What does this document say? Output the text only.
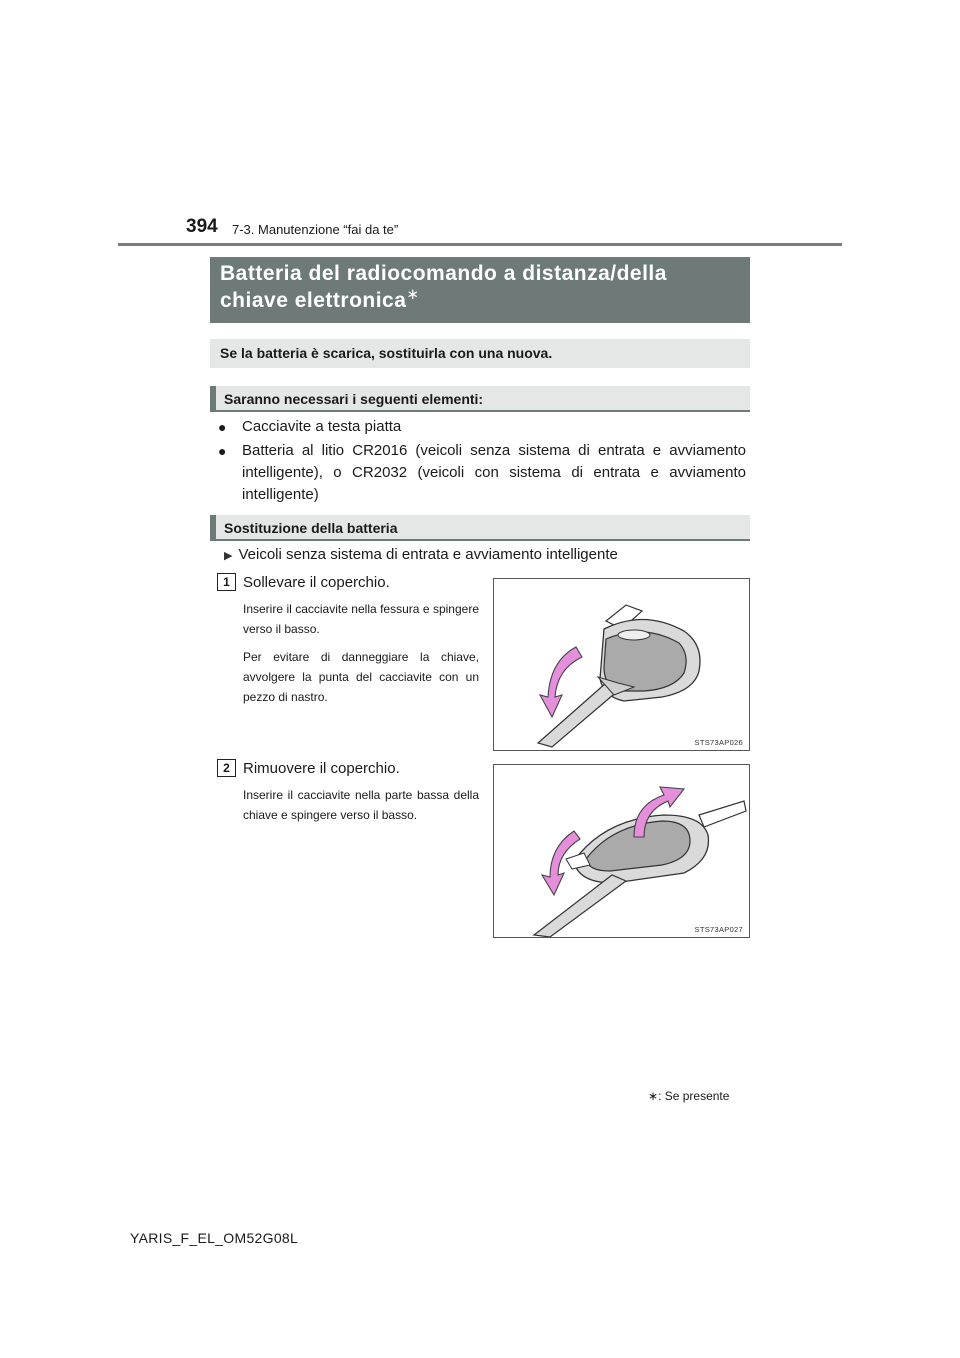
394 7-3. Manutenzione “fai da te”
Batteria del radiocomando a distanza/della chiave elettronica∗
Se la batteria è scarica, sostituirla con una nuova.
Saranno necessari i seguenti elementi:
● Cacciavite a testa piatta
● Batteria al litio CR2016 (veicoli senza sistema di entrata e avviamento intelligente), o CR2032 (veicoli con sistema di entrata e avviamento intelligente)
Sostituzione della batteria
▶ Veicoli senza sistema di entrata e avviamento intelligente
1 Sollevare il coperchio.

Inserire il cacciavite nella fessura e spingere verso il basso.

Per evitare di danneggiare la chiave, avvolgere la punta del cacciavite con un pezzo di nastro.

STS73AP026
2 Rimuovere il coperchio.

Inserire il cacciavite nella parte bassa della chiave e spingere verso il basso.

STS73AP027
∗: Se presente
YARIS_F_EL_OM52G08L
